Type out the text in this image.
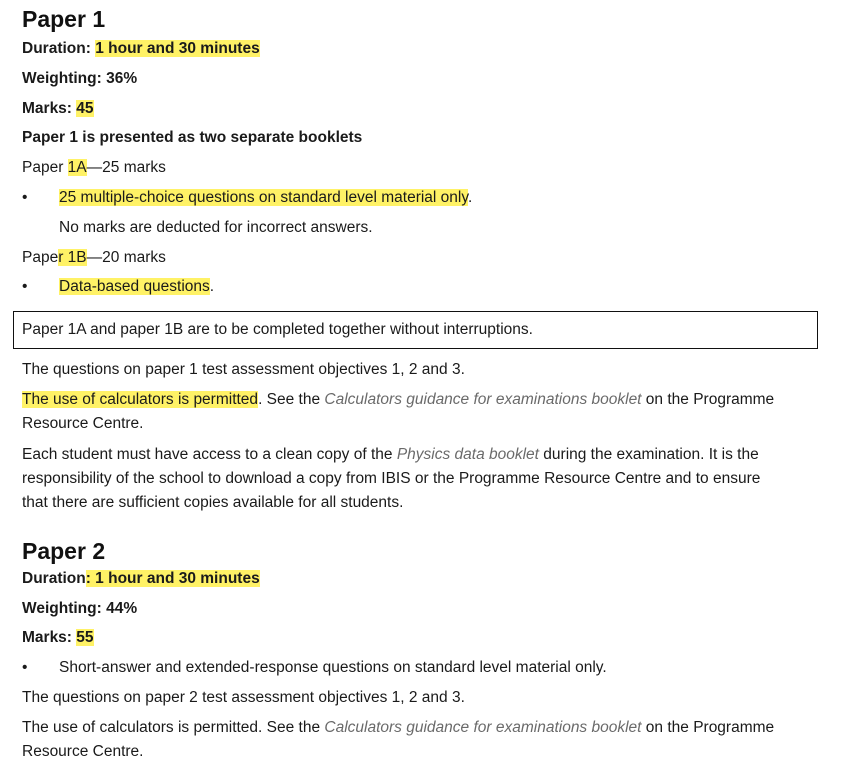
Paper 1
Duration: 1 hour and 30 minutes
Weighting: 36%
Marks: 45
Paper 1 is presented as two separate booklets
Paper 1A—25 marks
• 25 multiple-choice questions on standard level material only.
No marks are deducted for incorrect answers.
Paper 1B—20 marks
• Data-based questions.
The questions on paper 1 test assessment objectives 1, 2 and 3.
The use of calculators is permitted. See the Calculators guidance for examinations booklet on the Programme
Resource Centre.
Each student must have access to a clean copy of the Physics data booklet during the examination. It is the
responsibility of the school to download a copy from IBIS or the Programme Resource Centre and to ensure
that there are sufficient copies available for all students.
Paper 2
Duration: 1 hour and 30 minutes
Weighting: 44%
Marks: 55
• Short-answer and extended-response questions on standard level material only.
The questions on paper 2 test assessment objectives 1, 2 and 3.
The use of calculators is permitted. See the Calculators guidance for examinations booklet on the Programme
Resource Centre.
Paper 1A and paper 1B are to be completed together without interruptions.
